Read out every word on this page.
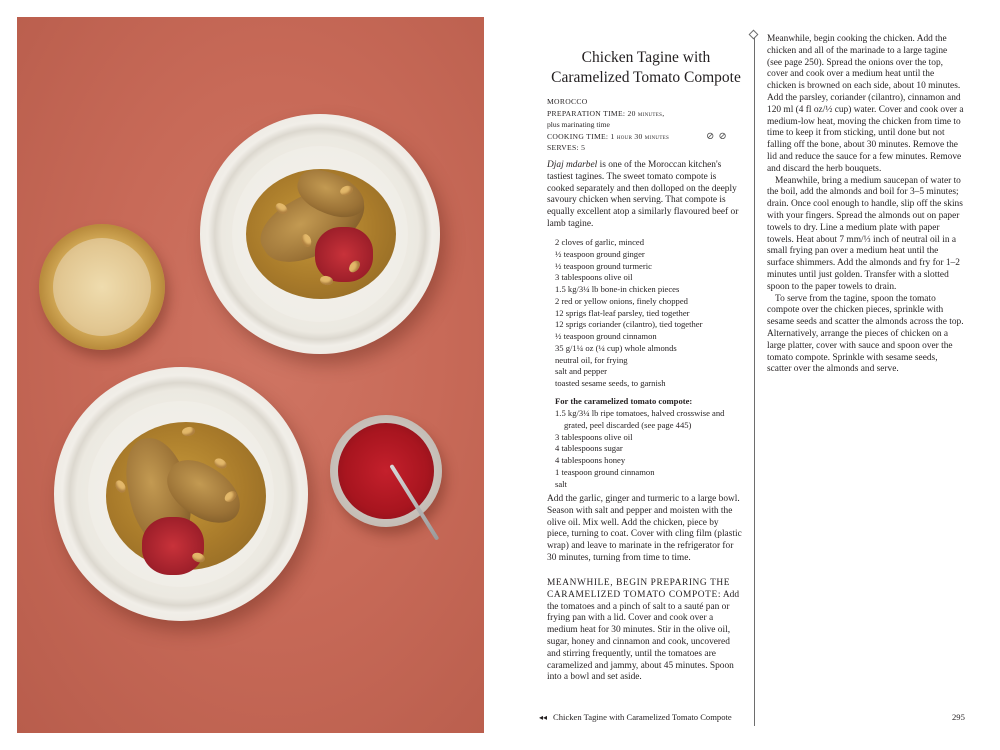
Chicken Tagine with Caramelized Tomato Compote
MOROCCO
PREPARATION TIME: 20 minutes,
plus marinating time
COOKING TIME: 1 hour 30 minutes
SERVES: 5
⊘⊘
Djaj mdarbel is one of the Moroccan kitchen's tastiest tagines. The sweet tomato compote is cooked separately and then dolloped on the deeply savoury chicken when serving. That compote is equally excellent atop a similarly flavoured beef or lamb tagine.
2 cloves of garlic, minced
½ teaspoon ground ginger
½ teaspoon ground turmeric
3 tablespoons olive oil
1.5 kg/3¼ lb bone-in chicken pieces
2 red or yellow onions, finely chopped
12 sprigs flat-leaf parsley, tied together
12 sprigs coriander (cilantro), tied together
½ teaspoon ground cinnamon
35 g/1¼ oz (¼ cup) whole almonds
neutral oil, for frying
salt and pepper
toasted sesame seeds, to garnish
For the caramelized tomato compote:
1.5 kg/3¼ lb ripe tomatoes, halved crosswise and
grated, peel discarded (see page 445)
3 tablespoons olive oil
4 tablespoons sugar
4 tablespoons honey
1 teaspoon ground cinnamon
salt
Add the garlic, ginger and turmeric to a large bowl. Season with salt and pepper and moisten with the olive oil. Mix well. Add the chicken, piece by piece, turning to coat. Cover with cling film (plastic wrap) and leave to marinate in the refrigerator for 30 minutes, turning from time to time.
MEANWHILE, BEGIN PREPARING THE CARAMELIZED TOMATO COMPOTE: Add the tomatoes and a pinch of salt to a sauté pan or frying pan with a lid. Cover and cook over a medium heat for 30 minutes. Stir in the olive oil, sugar, honey and cinnamon and cook, uncovered and stirring frequently, until the tomatoes are caramelized and jammy, about 45 minutes. Spoon into a bowl and set aside.

Meanwhile, begin cooking the chicken. Add the chicken and all of the marinade to a large tagine (see page 250). Spread the onions over the top, cover and cook over a medium heat until the chicken is browned on each side, about 10 minutes. Add the parsley, coriander (cilantro), cinnamon and 120 ml (4 fl oz/½ cup) water. Cover and cook over a medium-low heat, moving the chicken from time to time to keep it from sticking, until done but not falling off the bone, about 30 minutes. Remove the lid and reduce the sauce for a few minutes. Remove and discard the herb bouquets.

Meanwhile, bring a medium saucepan of water to the boil, add the almonds and boil for 3–5 minutes; drain. Once cool enough to handle, slip off the skins with your fingers. Spread the almonds out on paper towels to dry. Line a medium plate with paper towels. Heat about 7 mm/⅓ inch of neutral oil in a small frying pan over a medium heat until the surface shimmers. Add the almonds and fry for 1–2 minutes until just golden. Transfer with a slotted spoon to the paper towels to drain.

To serve from the tagine, spoon the tomato compote over the chicken pieces, sprinkle with sesame seeds and scatter the almonds across the top. Alternatively, arrange the pieces of chicken on a large platter, cover with sauce and spoon over the tomato compote. Sprinkle with sesame seeds, scatter over the almonds and serve.

◂◂ Chicken Tagine with Caramelized Tomato Compote	295
